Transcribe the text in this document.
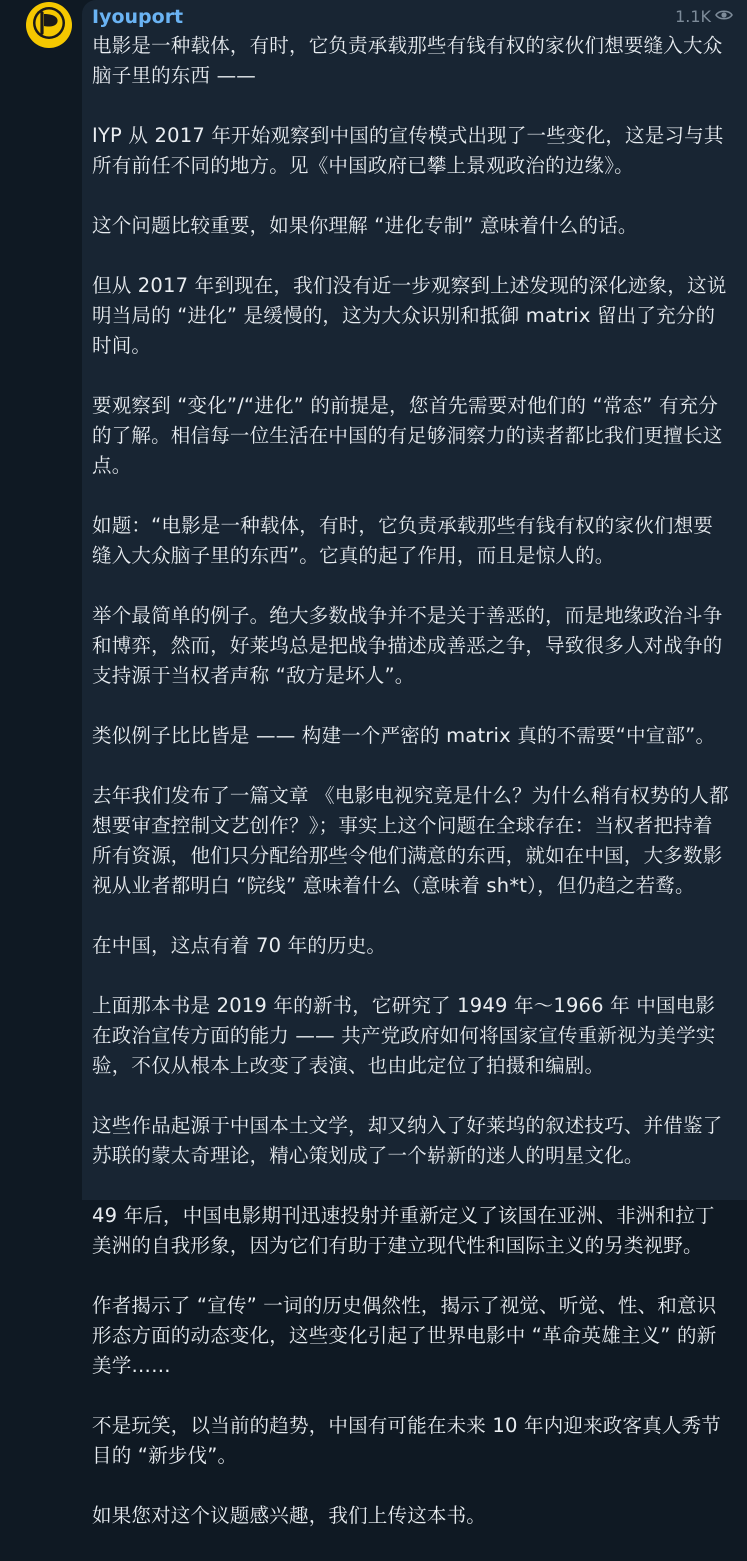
Iyouport	1.1K

电影是一种载体，有时，它负责承载那些有钱有权的家伙们想要缝入大众脑子里的东西 ——

IYP 从 2017 年开始观察到中国的宣传模式出现了一些变化，这是习与其所有前任不同的地方。见《中国政府已攀上景观政治的边缘》。

这个问题比较重要，如果你理解 “进化专制” 意味着什么的话。

但从 2017 年到现在，我们没有近一步观察到上述发现的深化迹象，这说明当局的 “进化” 是缓慢的，这为大众识别和抵御 matrix 留出了充分的时间。

要观察到 “变化”/“进化” 的前提是，您首先需要对他们的 “常态” 有充分的了解。相信每一位生活在中国的有足够洞察力的读者都比我们更擅长这点。

如题：“电影是一种载体，有时，它负责承载那些有钱有权的家伙们想要缝入大众脑子里的东西”。它真的起了作用，而且是惊人的。

举个最简单的例子。绝大多数战争并不是关于善恶的，而是地缘政治斗争和博弈，然而，好莱坞总是把战争描述成善恶之争，导致很多人对战争的支持源于当权者声称 “敌方是坏人”。

类似例子比比皆是 —— 构建一个严密的 matrix 真的不需要“中宣部”。

去年我们发布了一篇文章 《电影电视究竟是什么？为什么稍有权势的人都想要审查控制文艺创作？》；事实上这个问题在全球存在：当权者把持着所有资源，他们只分配给那些令他们满意的东西，就如在中国，大多数影视从业者都明白 “院线” 意味着什么（意味着 sh*t），但仍趋之若鹜。

在中国，这点有着 70 年的历史。

上面那本书是 2019 年的新书，它研究了 1949 年～1966 年 中国电影在政治宣传方面的能力 —— 共产党政府如何将国家宣传重新视为美学实验，不仅从根本上改变了表演、也由此定位了拍摄和编剧。

这些作品起源于中国本土文学，却又纳入了好莱坞的叙述技巧、并借鉴了苏联的蒙太奇理论，精心策划成了一个崭新的迷人的明星文化。

49 年后，中国电影期刊迅速投射并重新定义了该国在亚洲、非洲和拉丁美洲的自我形象，因为它们有助于建立现代性和国际主义的另类视野。

作者揭示了 “宣传” 一词的历史偶然性，揭示了视觉、听觉、性、和意识形态方面的动态变化，这些变化引起了世界电影中 “革命英雄主义” 的新美学……

不是玩笑，以当前的趋势，中国有可能在未来 10 年内迎来政客真人秀节目的 “新步伐”。

如果您对这个议题感兴趣，我们上传这本书。
